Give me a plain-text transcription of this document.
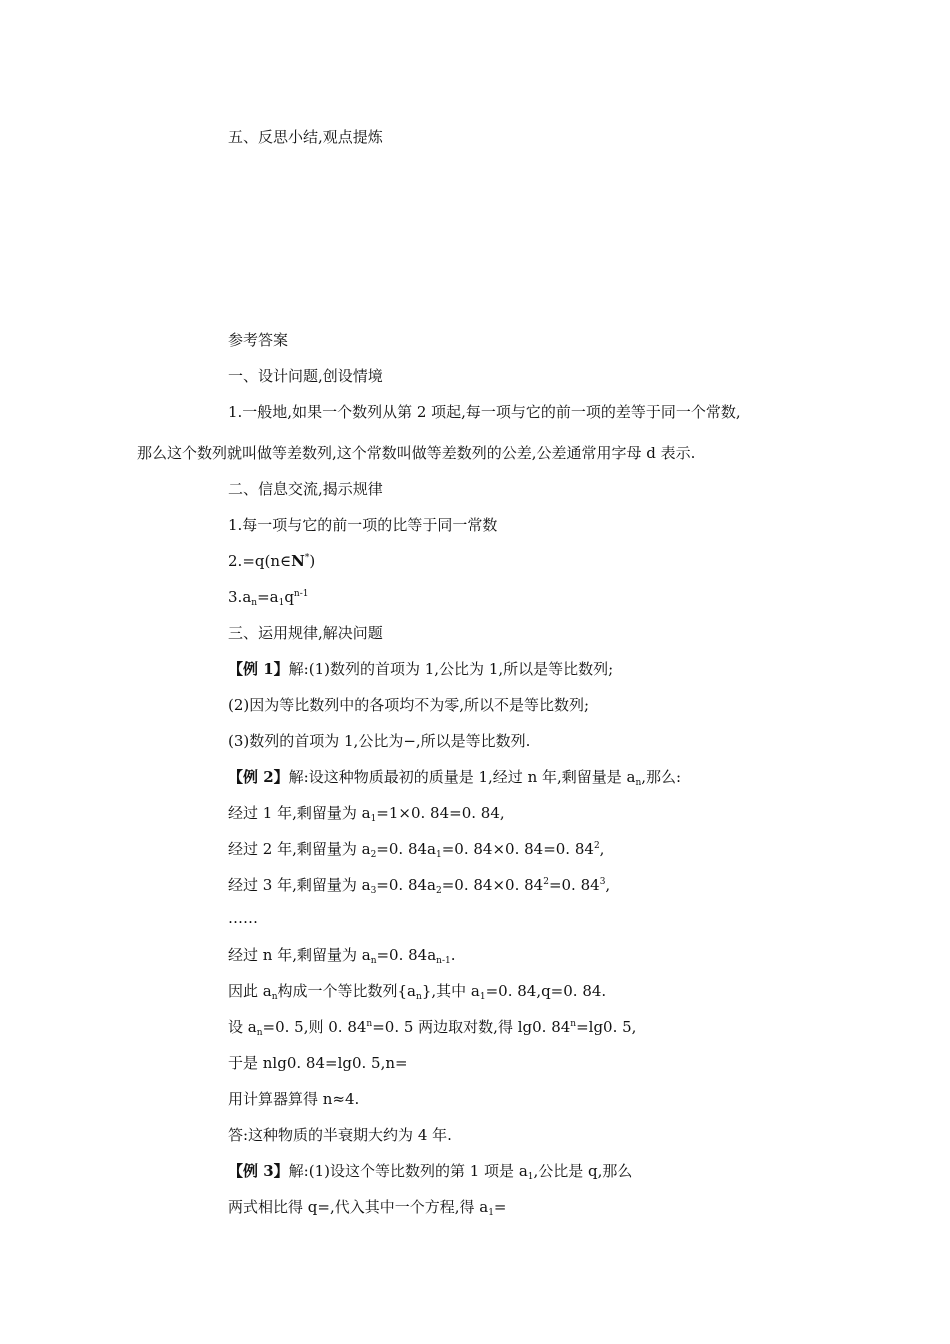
五、反思小结,观点提炼
参考答案
一、设计问题,创设情境
1.一般地,如果一个数列从第 2 项起,每一项与它的前一项的差等于同一个常数,
那么这个数列就叫做等差数列,这个常数叫做等差数列的公差,公差通常用字母 d 表示.
二、信息交流,揭示规律
1.每一项与它的前一项的比等于同一常数
2.=q(n∈N*)
$3.a_n=a_1q^{n-1}$
三、运用规律,解决问题
【例 1】解:(1)数列的首项为 1,公比为 1,所以是等比数列;
(2)因为等比数列中的各项均不为零,所以不是等比数列;
(3)数列的首项为 1,公比为−,所以是等比数列.
【例 2】解:设这种物质最初的质量是 1,经过 n 年,剩留量是 $a_n$,那么:
经过 1 年,剩留量为 $a_1=1\times 0$. 84=0. 84,
经过 2 年,剩留量为 $a_2=0$. $84a_1=0$. 84×0. 84=0. $84^2$,
经过 3 年,剩留量为 $a_3=0$. $84a_2=0$. 84×0. $84^2=0$. $84^3$,
……
经过 n 年,剩留量为 $a_n=0$. $84a_{n-1}$.
因此 $a_n$构成一个等比数列$\{a_n\}$,其中 $a_1=0$. 84,q=0. 84.
设 $a_n=0$. 5,则 0. $84^n=0$. 5 两边取对数,得 lg0. $84^n=\lg 0$. 5,
于是 nlg0. 84=lg0. 5,n=
用计算器算得 n≈4.
答:这种物质的半衰期大约为 4 年.
【例 3】解:(1)设这个等比数列的第 1 项是 $a_1$,公比是 q,那么
两式相比得 q=,代入其中一个方程,得 $a_1=$
